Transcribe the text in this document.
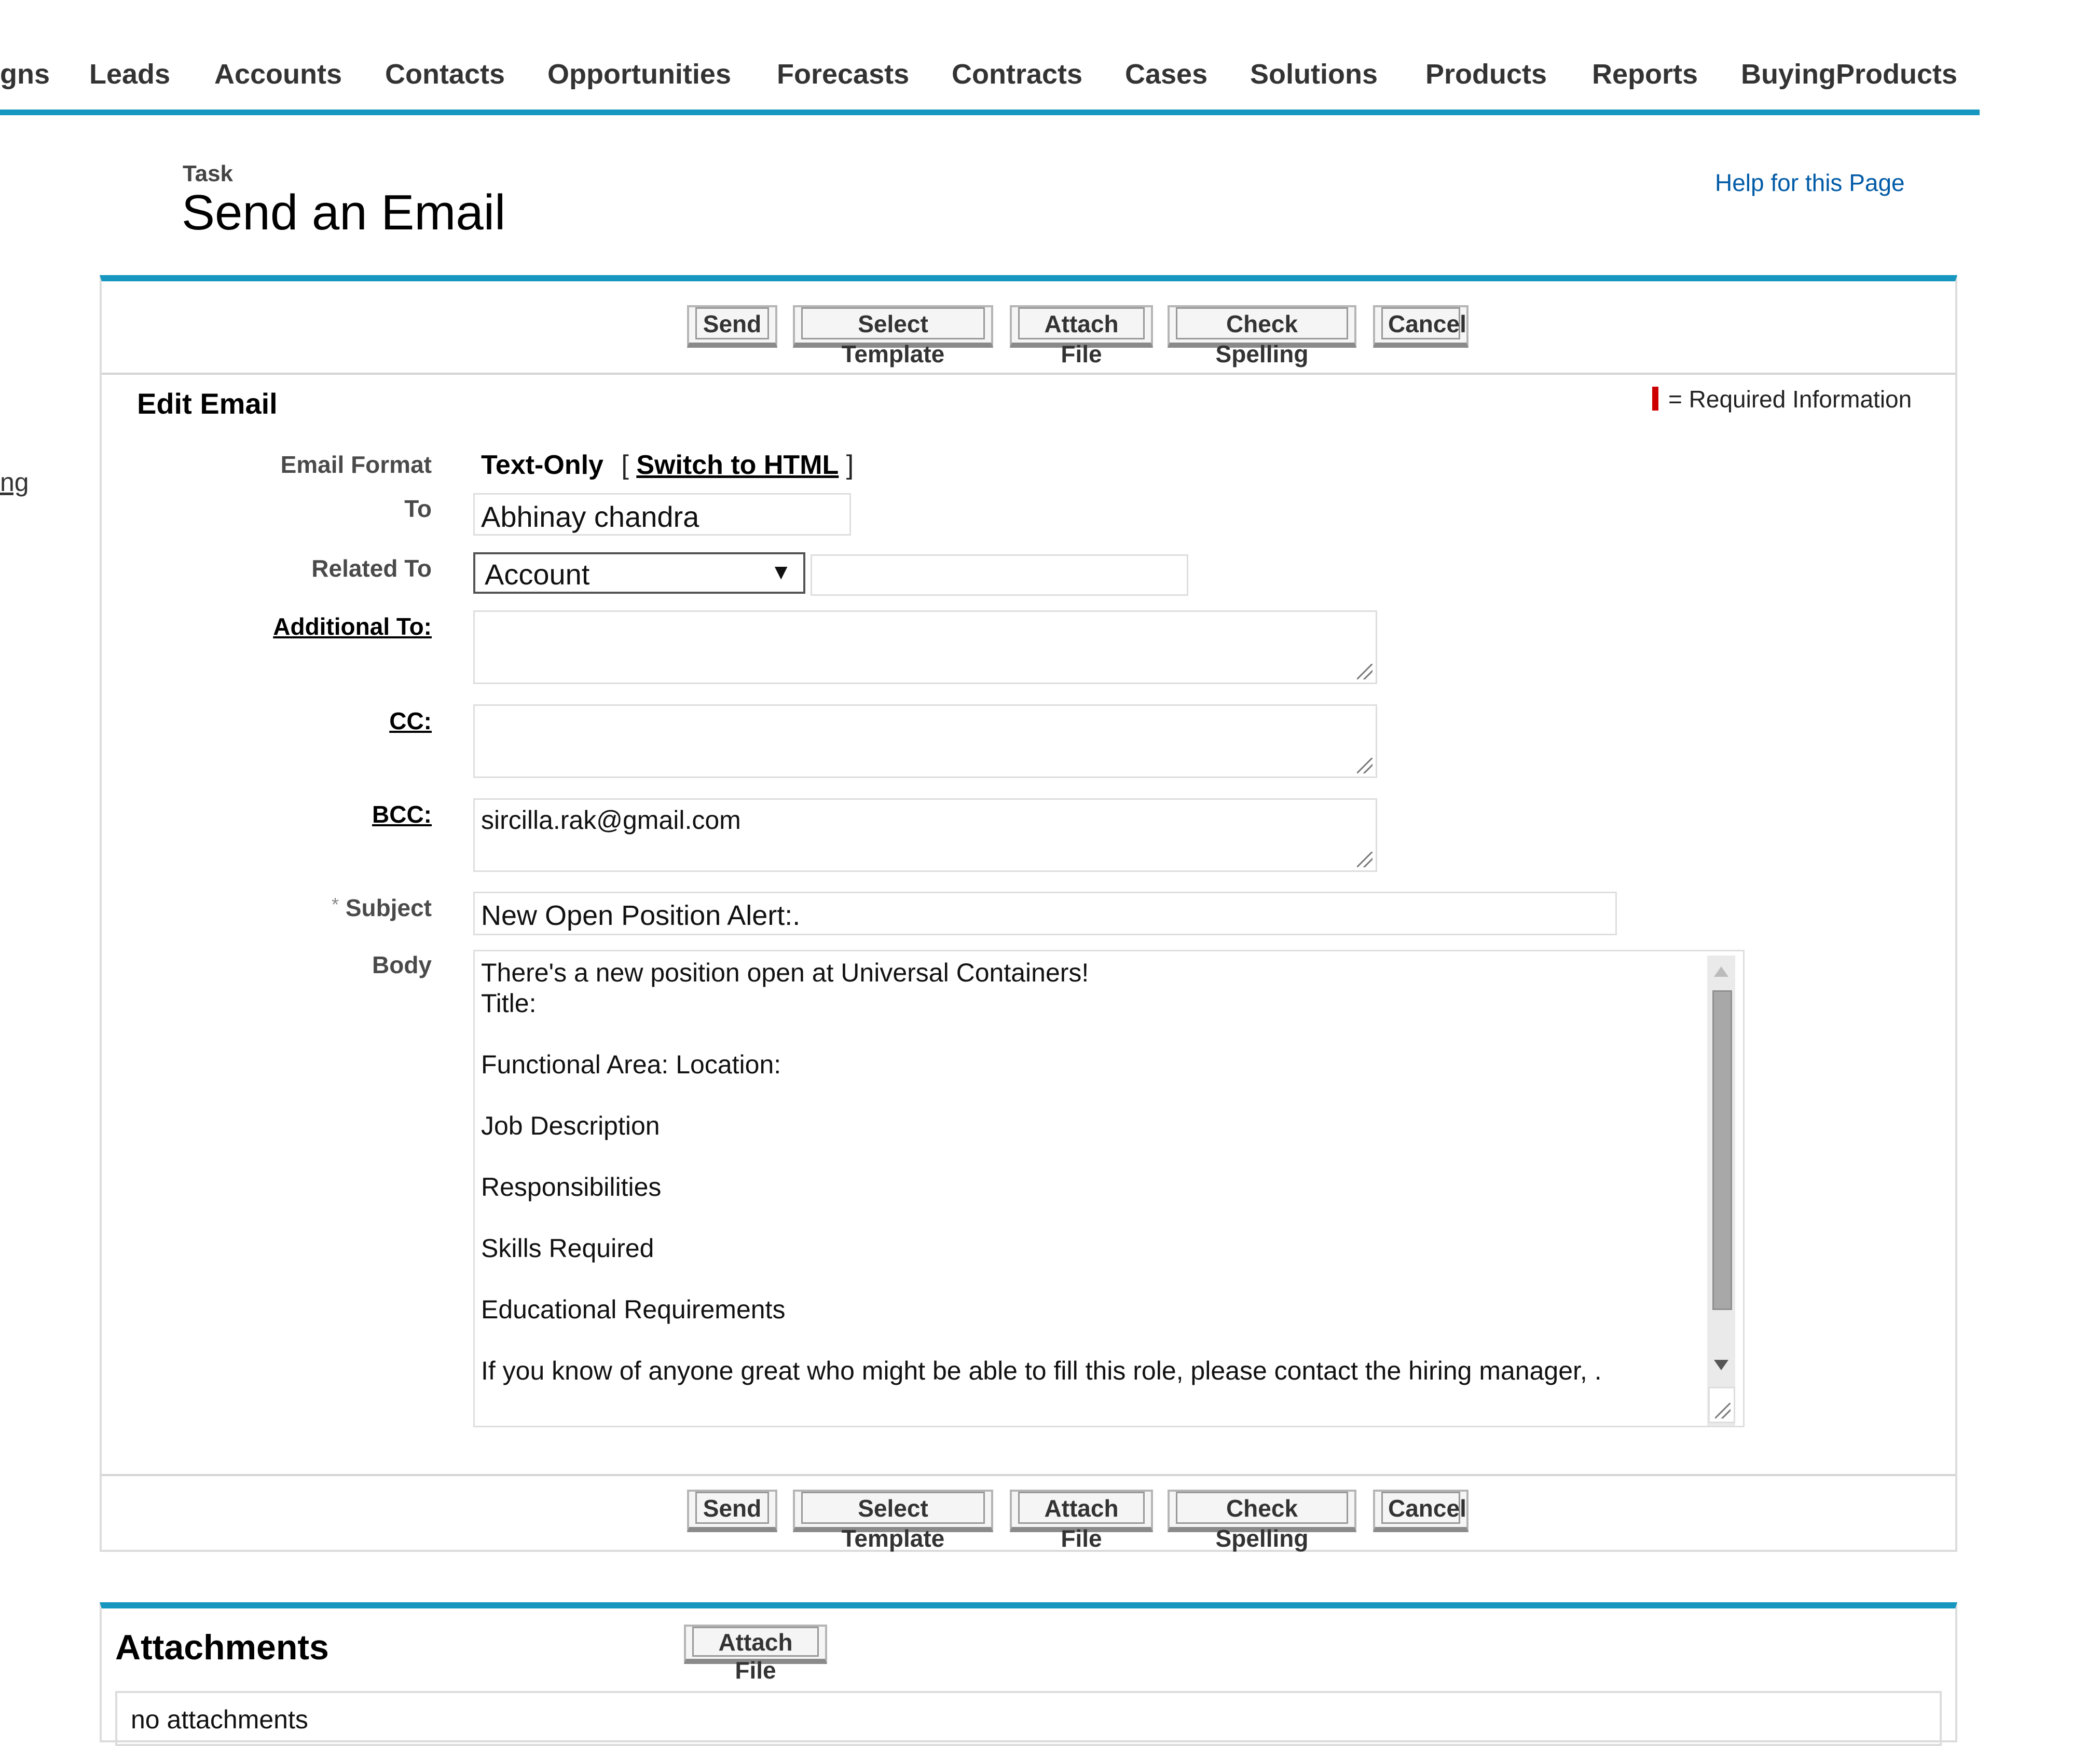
gns Leads Accounts Contacts Opportunities Forecasts Contracts Cases Solutions Products Reports BuyingProducts
ng
Task
Send an Email
Help for this Page
Send	Select Template
Attach File
Check Spelling
Cancel
Edit Email	= Required Information
Email Format Text-Only [ Switch to HTML ]
To Abhinay chandra
Related To	Account	▼
Additional To:
CC:
BCC:	sircilla.rak@gmail.com
* Subject New Open Position Alert:.
Body	There's a new position open at Universal Containers!
Title:

Functional Area: Location:

Job Description

Responsibilities

Skills Required

Educational Requirements

If you know of anyone great who might be able to fill this role, please contact the hiring manager, .
Send	Select Template
Attach File
Check Spelling
Cancel
Attachments	Attach File
no attachments
